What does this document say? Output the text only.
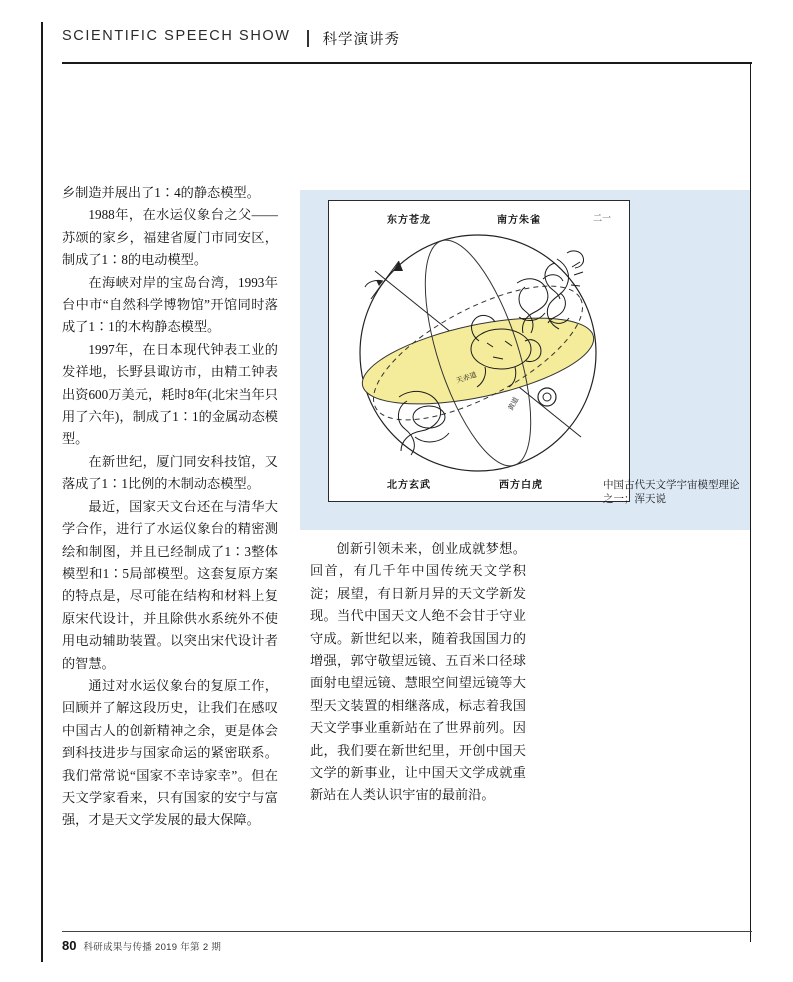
SCIENTIFIC SPEECH SHOW 科学演讲秀

乡制造并展出了1∶4的静态模型。

1988年，在水运仪象台之父——苏颂的家乡，福建省厦门市同安区，制成了1∶8的电动模型。

在海峡对岸的宝岛台湾，1993年台中市“自然科学博物馆”开馆同时落成了1∶1的木构静态模型。

1997年，在日本现代钟表工业的发祥地，长野县诹访市，由精工钟表出资600万美元，耗时8年(北宋当年只用了六年)，制成了1∶1的金属动态模型。

在新世纪，厦门同安科技馆，又落成了1∶1比例的木制动态模型。

最近，国家天文台还在与清华大学合作，进行了水运仪象台的精密测绘和制图，并且已经制成了1∶3整体模型和1∶5局部模型。这套复原方案的特点是，尽可能在结构和材料上复原宋代设计，并且除供水系统外不使用电动辅助装置。以突出宋代设计者的智慧。

通过对水运仪象台的复原工作，回顾并了解这段历史，让我们在感叹中国古人的创新精神之余，更是体会到科技进步与国家命运的紧密联系。我们常常说“国家不幸诗家幸”。但在天文学家看来，只有国家的安宁与富强，才是天文学发展的最大保障。

天赤道
黄道
东方苍龙	南方朱雀	二一
北方玄武	西方白虎	中国古代天文学宇宙模型理论之一；浑天说

创新引领未来，创业成就梦想。回首，有几千年中国传统天文学积淀；展望，有日新月异的天文学新发现。当代中国天文人绝不会甘于守业守成。新世纪以来，随着我国国力的增强，郭守敬望远镜、五百米口径球面射电望远镜、慧眼空间望远镜等大型天文装置的相继落成，标志着我国天文学事业重新站在了世界前列。因此，我们要在新世纪里，开创中国天文学的新事业，让中国天文学成就重新站在人类认识宇宙的最前沿。

80 科研成果与传播 2019 年第 2 期
